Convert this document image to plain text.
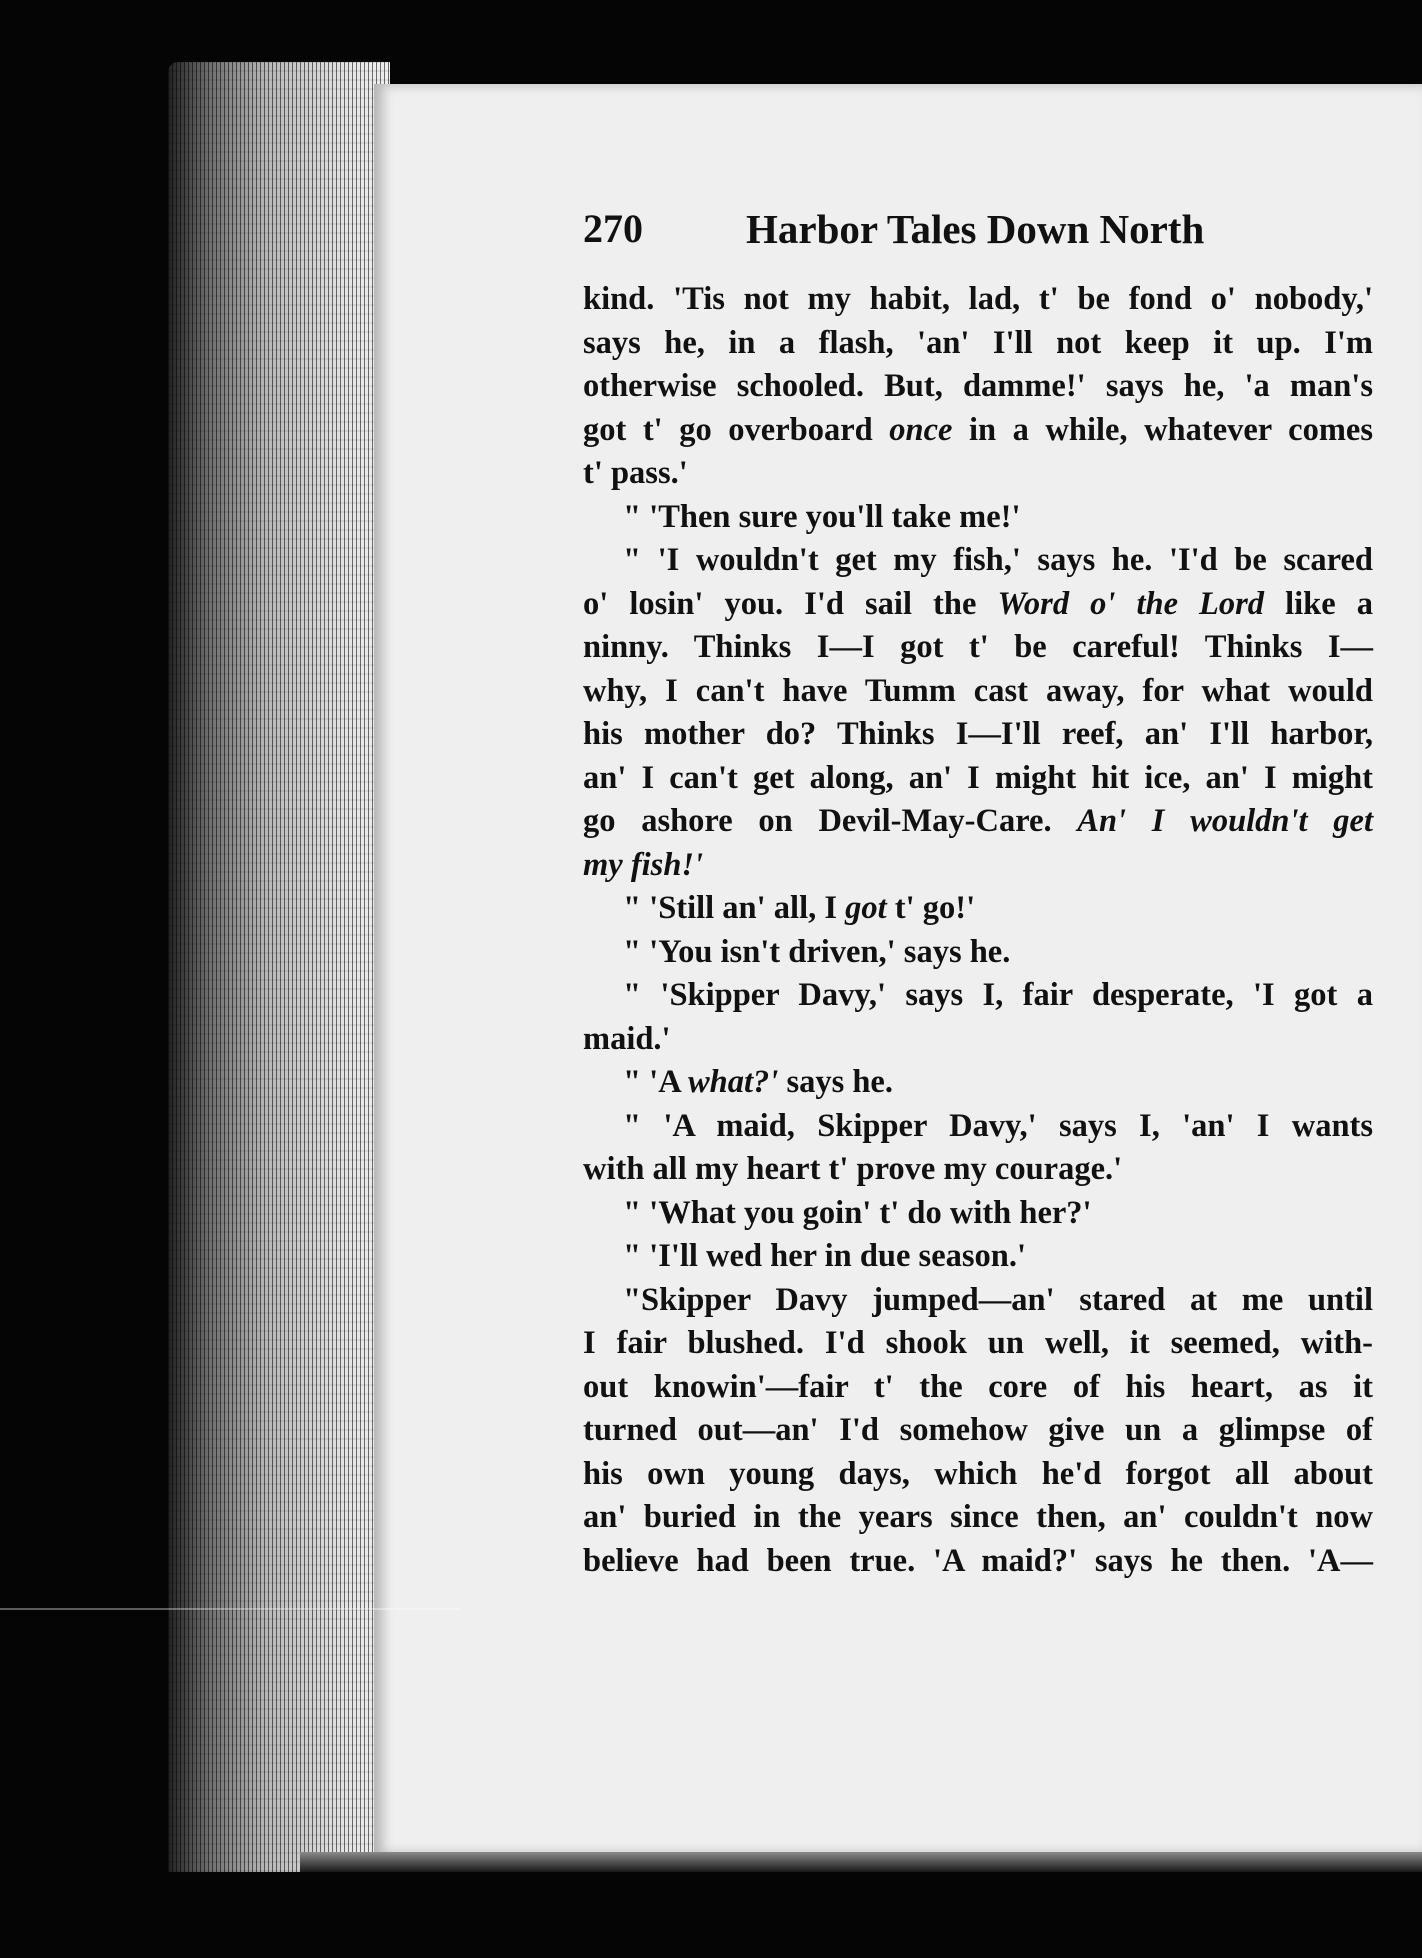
270	Harbor Tales Down North
kind. 'Tis not my habit, lad, t' be fond o' nobody,'
says he, in a flash, 'an' I'll not keep it up. I'm
otherwise schooled. But, damme!' says he, 'a man's
got t' go overboard once in a while, whatever comes
t' pass.'
" 'Then sure you'll take me!'
" 'I wouldn't get my fish,' says he. 'I'd be scared
o' losin' you. I'd sail the Word o' the Lord like a
ninny. Thinks I—I got t' be careful! Thinks I—
why, I can't have Tumm cast away, for what would
his mother do? Thinks I—I'll reef, an' I'll harbor,
an' I can't get along, an' I might hit ice, an' I might
go ashore on Devil-May-Care. An' I wouldn't get
my fish!'
" 'Still an' all, I got t' go!'
" 'You isn't driven,' says he.
" 'Skipper Davy,' says I, fair desperate, 'I got a
maid.'
" 'A what?' says he.
" 'A maid, Skipper Davy,' says I, 'an' I wants
with all my heart t' prove my courage.'
" 'What you goin' t' do with her?'
" 'I'll wed her in due season.'
"Skipper Davy jumped—an' stared at me until
I fair blushed. I'd shook un well, it seemed, with-
out knowin'—fair t' the core of his heart, as it
turned out—an' I'd somehow give un a glimpse of
his own young days, which he'd forgot all about
an' buried in the years since then, an' couldn't now
believe had been true. 'A maid?' says he then. 'A—
